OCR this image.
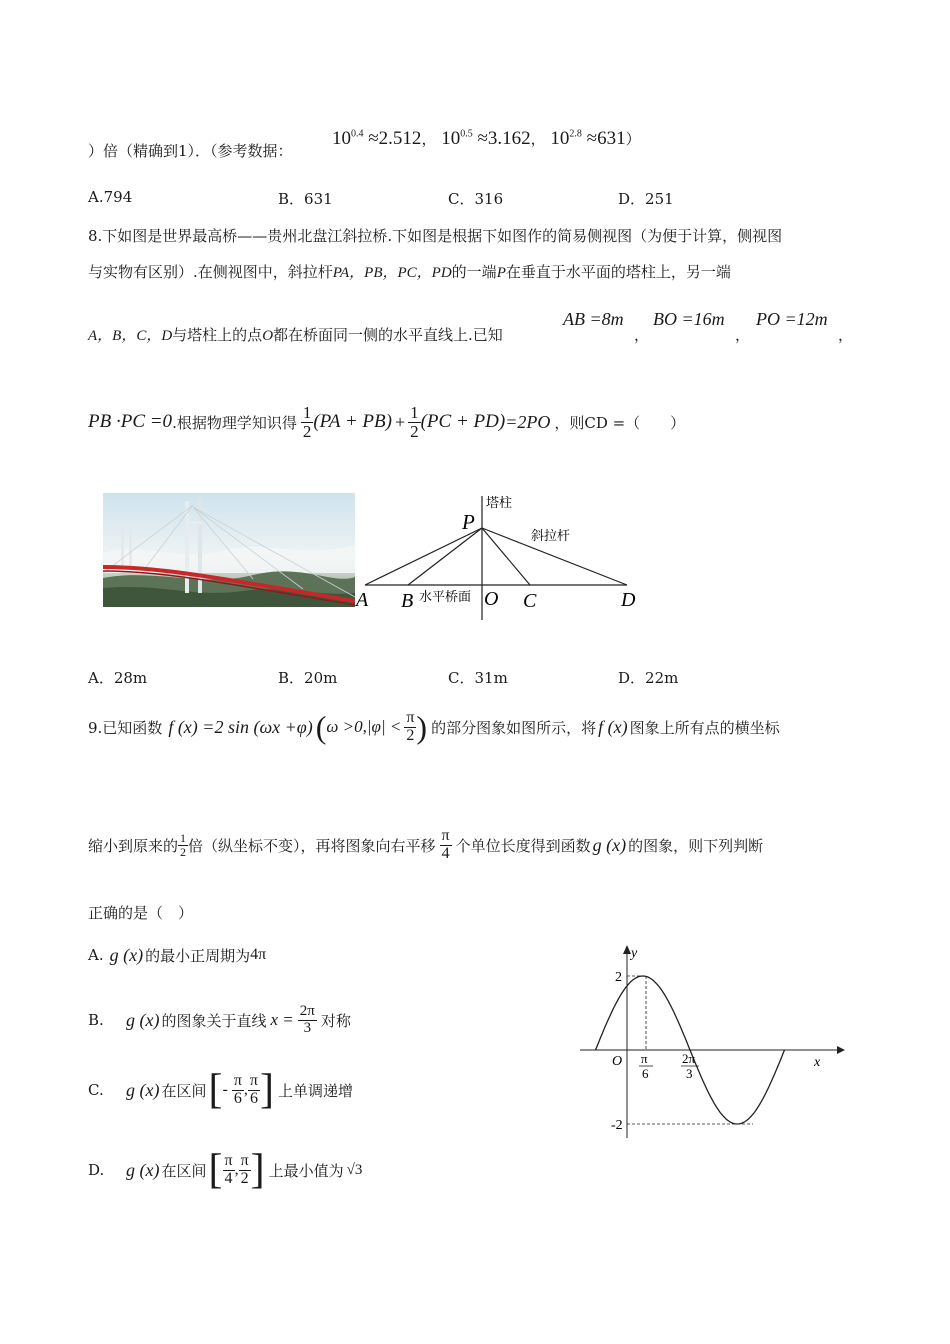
）倍（精确到1）．（参考数据：
$10^{0.4} \approx 2.512$， $10^{0.5} \approx 3.162$， $10^{2.8} \approx 631$）
A.794	B．631	C．316	D．251
8.下如图是世界最高桥——贵州北盘江斜拉桥.下如图是根据下如图作的简易侧视图（为便于计算，侧视图
与实物有区别）.在侧视图中，斜拉杆PA，PB，PC，PD的一端P在垂直于水平面的塔柱上，另一端
A，B，C，D与塔柱上的点O都在桥面同一侧的水平直线上.已知
AB =8m
，
BO =16m
，
PO =12m
，
PB ·PC =0 .根据物理学知识得 $\frac{1}{2} (PA + PB) + \frac{1}{2} (PC + PD) =2PO$ ，则CD =（　　）
塔柱
斜拉杆
水平桥面
P
A B	O C	D
A．28m	B．20m	C．31m	D．22m
9.已知函数 f (x) =2 sin (ωx +φ) ( $\omega >0,|\varphi| < \frac{\pi}{2}$ ) 的部分图象如图所示，将 f (x) 图象上所有点的横坐标
缩小到原来的 $\frac{1}{2}$ 倍（纵坐标不变），再将图象向右平移 $\frac{\pi}{4}$ 个单位长度得到函数 g (x) 的图象，则下列判断
正确的是（　）
A. g (x) 的最小正周期为 4π
B.	g (x) 的图象关于直线 $x = \frac{2\pi}{3}$ 对称
C.	g (x) 在区间 [ - $\frac{\pi}{6}$ , $\frac{\pi}{6}$ ] 上单调递增
D.	g (x) 在区间 [ $\frac{\pi}{4}$ , $\frac{\pi}{2}$ ] 上最小值为 √3
y
x
O
2
-2
π
6
2π
3
